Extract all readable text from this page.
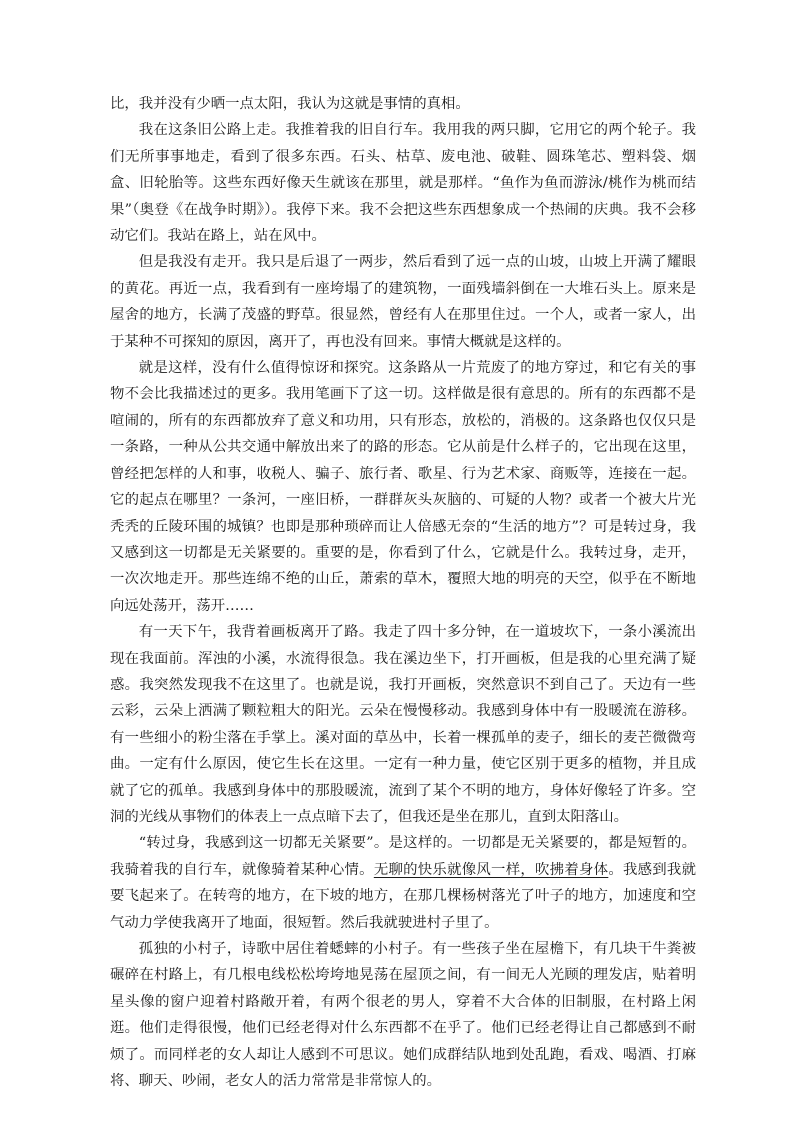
比，我并没有少晒一点太阳，我认为这就是事情的真相。

我在这条旧公路上走。我推着我的旧自行车。我用我的两只脚，它用它的两个轮子。我们无所事事地走，看到了很多东西。石头、枯草、废电池、破鞋、圆珠笔芯、塑料袋、烟盒、旧轮胎等。这些东西好像天生就该在那里，就是那样。“鱼作为鱼而游泳/桃作为桃而结果”（奥登《在战争时期》）。我停下来。我不会把这些东西想象成一个热闹的庆典。我不会移动它们。我站在路上，站在风中。

但是我没有走开。我只是后退了一两步，然后看到了远一点的山坡，山坡上开满了耀眼的黄花。再近一点，我看到有一座垮塌了的建筑物，一面残墙斜倒在一大堆石头上。原来是屋舍的地方，长满了茂盛的野草。很显然，曾经有人在那里住过。一个人，或者一家人，出于某种不可探知的原因，离开了，再也没有回来。事情大概就是这样的。

就是这样，没有什么值得惊讶和探究。这条路从一片荒废了的地方穿过，和它有关的事物不会比我描述过的更多。我用笔画下了这一切。这样做是很有意思的。所有的东西都不是喧闹的，所有的东西都放弃了意义和功用，只有形态，放松的，消极的。这条路也仅仅只是一条路，一种从公共交通中解放出来了的路的形态。它从前是什么样子的，它出现在这里，曾经把怎样的人和事，收税人、骗子、旅行者、歌星、行为艺术家、商贩等，连接在一起。它的起点在哪里？一条河，一座旧桥，一群群灰头灰脑的、可疑的人物？或者一个被大片光秃秃的丘陵环围的城镇？也即是那种琐碎而让人倍感无奈的“生活的地方”？可是转过身，我又感到这一切都是无关紧要的。重要的是，你看到了什么，它就是什么。我转过身，走开，一次次地走开。那些连绵不绝的山丘，萧索的草木，覆照大地的明亮的天空，似乎在不断地向远处荡开，荡开……

有一天下午，我背着画板离开了路。我走了四十多分钟，在一道坡坎下，一条小溪流出现在我面前。浑浊的小溪，水流得很急。我在溪边坐下，打开画板，但是我的心里充满了疑惑。我突然发现我不在这里了。也就是说，我打开画板，突然意识不到自己了。天边有一些云彩，云朵上洒满了颗粒粗大的阳光。云朵在慢慢移动。我感到身体中有一股暖流在游移。有一些细小的粉尘落在手掌上。溪对面的草丛中，长着一棵孤单的麦子，细长的麦芒微微弯曲。一定有什么原因，使它生长在这里。一定有一种力量，使它区别于更多的植物，并且成就了它的孤单。我感到身体中的那股暖流，流到了某个不明的地方，身体好像轻了许多。空洞的光线从事物们的体表上一点点暗下去了，但我还是坐在那儿，直到太阳落山。

“转过身，我感到这一切都无关紧要”。是这样的。一切都是无关紧要的，都是短暂的。我骑着我的自行车，就像骑着某种心情。无聊的快乐就像风一样，吹拂着身体。我感到我就要飞起来了。在转弯的地方，在下坡的地方，在那几棵杨树落光了叶子的地方，加速度和空气动力学使我离开了地面，很短暂。然后我就驶进村子里了。

孤独的小村子，诗歌中居住着蟋蟀的小村子。有一些孩子坐在屋檐下，有几块干牛粪被碾碎在村路上，有几根电线松松垮垮地晃荡在屋顶之间，有一间无人光顾的理发店，贴着明星头像的窗户迎着村路敞开着，有两个很老的男人，穿着不大合体的旧制服，在村路上闲逛。他们走得很慢，他们已经老得对什么东西都不在乎了。他们已经老得让自己都感到不耐烦了。而同样老的女人却让人感到不可思议。她们成群结队地到处乱跑，看戏、喝酒、打麻将、聊天、吵闹，老女人的活力常常是非常惊人的。
